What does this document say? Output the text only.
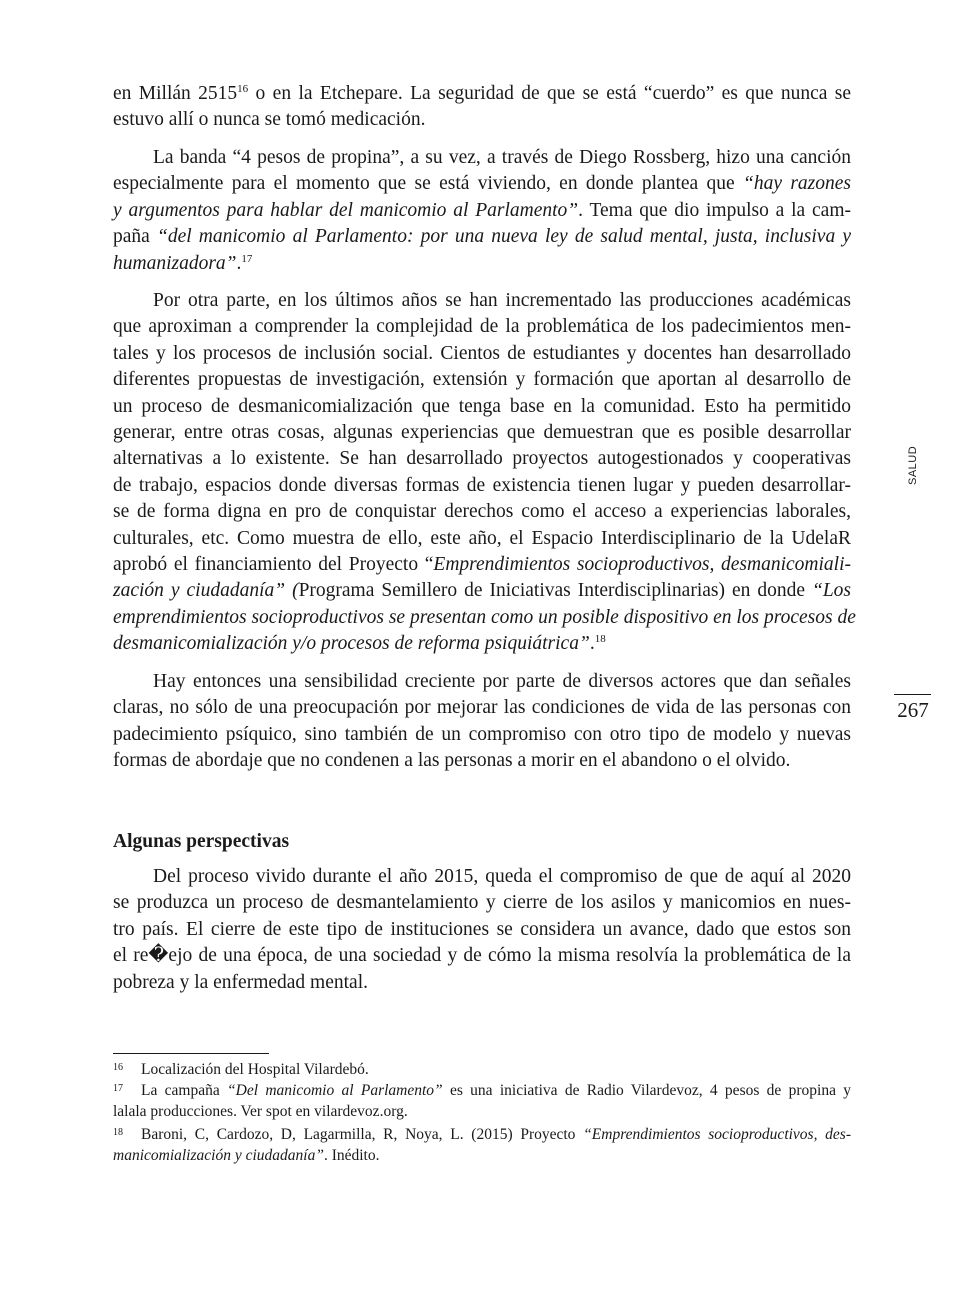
en Millán 2515$^{16}$ o en la Etchepare. La seguridad de que se está “cuerdo” es que nunca se
estuvo allí o nunca se tomó medicación.

La banda “4 pesos de propina”, a su vez, a través de Diego Rossberg, hizo una canción
especialmente para el momento que se está viviendo, en donde plantea que “hay razones
y argumentos para hablar del manicomio al Parlamento”. Tema que dio impulso a la cam-
paña “del manicomio al Parlamento: por una nueva ley de salud mental, justa, inclusiva y
humanizadora”.$^{17}$

Por otra parte, en los últimos años se han incrementado las producciones académicas
que aproximan a comprender la complejidad de la problemática de los padecimientos men-
tales y los procesos de inclusión social. Cientos de estudiantes y docentes han desarrollado
diferentes propuestas de investigación, extensión y formación que aportan al desarrollo de
un proceso de desmanicomialización que tenga base en la comunidad. Esto ha permitido
generar, entre otras cosas, algunas experiencias que demuestran que es posible desarrollar
alternativas a lo existente. Se han desarrollado proyectos autogestionados y cooperativas
de trabajo, espacios donde diversas formas de existencia tienen lugar y pueden desarrollar-
se de forma digna en pro de conquistar derechos como el acceso a experiencias laborales,
culturales, etc. Como muestra de ello, este año, el Espacio Interdisciplinario de la UdelaR
aprobó el financiamiento del Proyecto “Emprendimientos socioproductivos, desmanicomiali-
zación y ciudadanía” (Programa Semillero de Iniciativas Interdisciplinarias) en donde “Los
emprendimientos socioproductivos se presentan como un posible dispositivo en los procesos de
desmanicomialización y/o procesos de reforma psiquiátrica”.$^{18}$

Hay entonces una sensibilidad creciente por parte de diversos actores que dan señales
claras, no sólo de una preocupación por mejorar las condiciones de vida de las personas con
padecimiento psíquico, sino también de un compromiso con otro tipo de modelo y nuevas
formas de abordaje que no condenen a las personas a morir en el abandono o el olvido.

Algunas perspectivas

Del proceso vivido durante el año 2015, queda el compromiso de que de aquí al 2020
se produzca un proceso de desmantelamiento y cierre de los asilos y manicomios en nues-
tro país. El cierre de este tipo de instituciones se considera un avance, dado que estos son
el re�ejo de una época, de una sociedad y de cómo la misma resolvía la problemática de la
pobreza y la enfermedad mental.

16 Localización del Hospital Vilardebó.

17 La campaña “Del manicomio al Parlamento” es una iniciativa de Radio Vilardevoz, 4 pesos de propina y
lalala producciones. Ver spot en vilardevoz.org.

18 Baroni, C, Cardozo, D, Lagarmilla, R, Noya, L. (2015) Proyecto “Emprendimientos socioproductivos, des-
manicomialización y ciudadanía”. Inédito.

SALUD
267
